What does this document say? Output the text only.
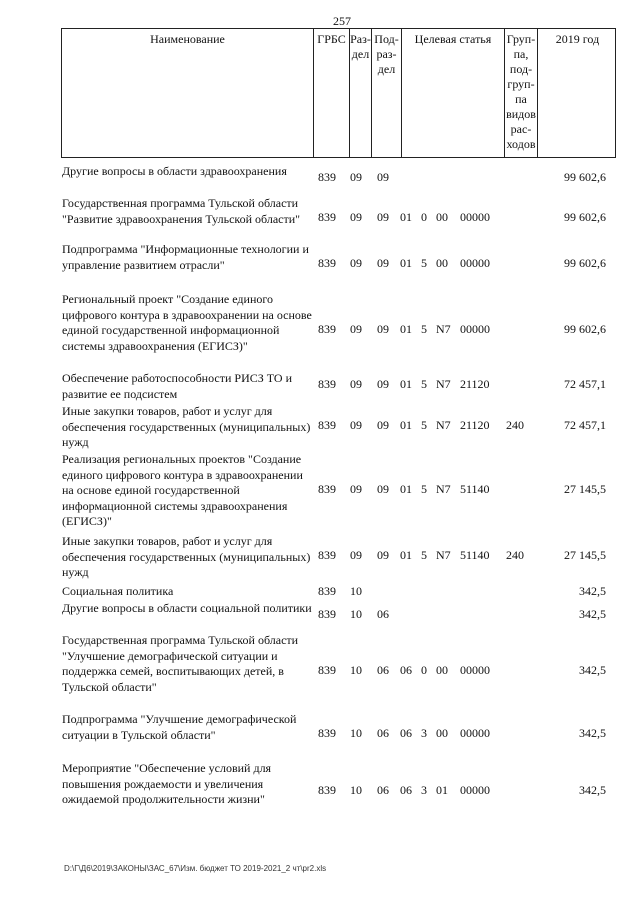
257
Наименование	ГРБС Раз-
дел
Под-
раз-
дел
Целевая статья	Груп-
па,
под-
груп-
па
видов
рас-
ходов
2019 год
Другие вопросы в области здравоохранения	839 09 09	99 602,6
Государственная программа Тульской области "Развитие здравоохранения Тульской области"	839 09 09 01 0 00 00000	99 602,6
Подпрограмма "Информационные технологии и управление развитием отрасли"	839 09 09 01 5 00 00000	99 602,6
Региональный проект "Создание единого цифрового контура в здравоохранении на основе единой государственной информационной системы здравоохранения (ЕГИСЗ)"
839 09 09 01 5 N7 00000	99 602,6
Обеспечение работоспособности РИСЗ ТО и развитие ее подсистем
839 09 09 01 5 N7 21120	72 457,1
Иные закупки товаров, работ и услуг для обеспечения государственных (муниципальных) нужд
839 09 09 01 5 N7 21120 240	72 457,1
Реализация региональных проектов "Создание единого цифрового контура в здравоохранении на основе единой государственной информационной системы здравоохранения (ЕГИСЗ)"
839 09 09 01 5 N7 51140	27 145,5
Иные закупки товаров, работ и услуг для обеспечения государственных (муниципальных) нужд
839 09 09 01 5 N7 51140 240	27 145,5
Социальная политика	839 10	342,5
Другие вопросы в области социальной политики 839 10 06	342,5
Государственная программа Тульской области "Улучшение демографической ситуации и поддержка семей, воспитывающих детей, в Тульской области"
839 10 06 06 0 00 00000	342,5
Подпрограмма "Улучшение демографической ситуации в Тульской области"	839 10 06 06 3 00 00000	342,5
Мероприятие "Обеспечение условий для повышения рождаемости и увеличения ожидаемой продолжительности жизни"
839 10 06 06 3 01 00000	342,5
D:\Г\Д6\2019\ЗАКОНЫ\ЗАС_67\Изм. бюджет ТО 2019-2021_2 чт\pr2.xls
